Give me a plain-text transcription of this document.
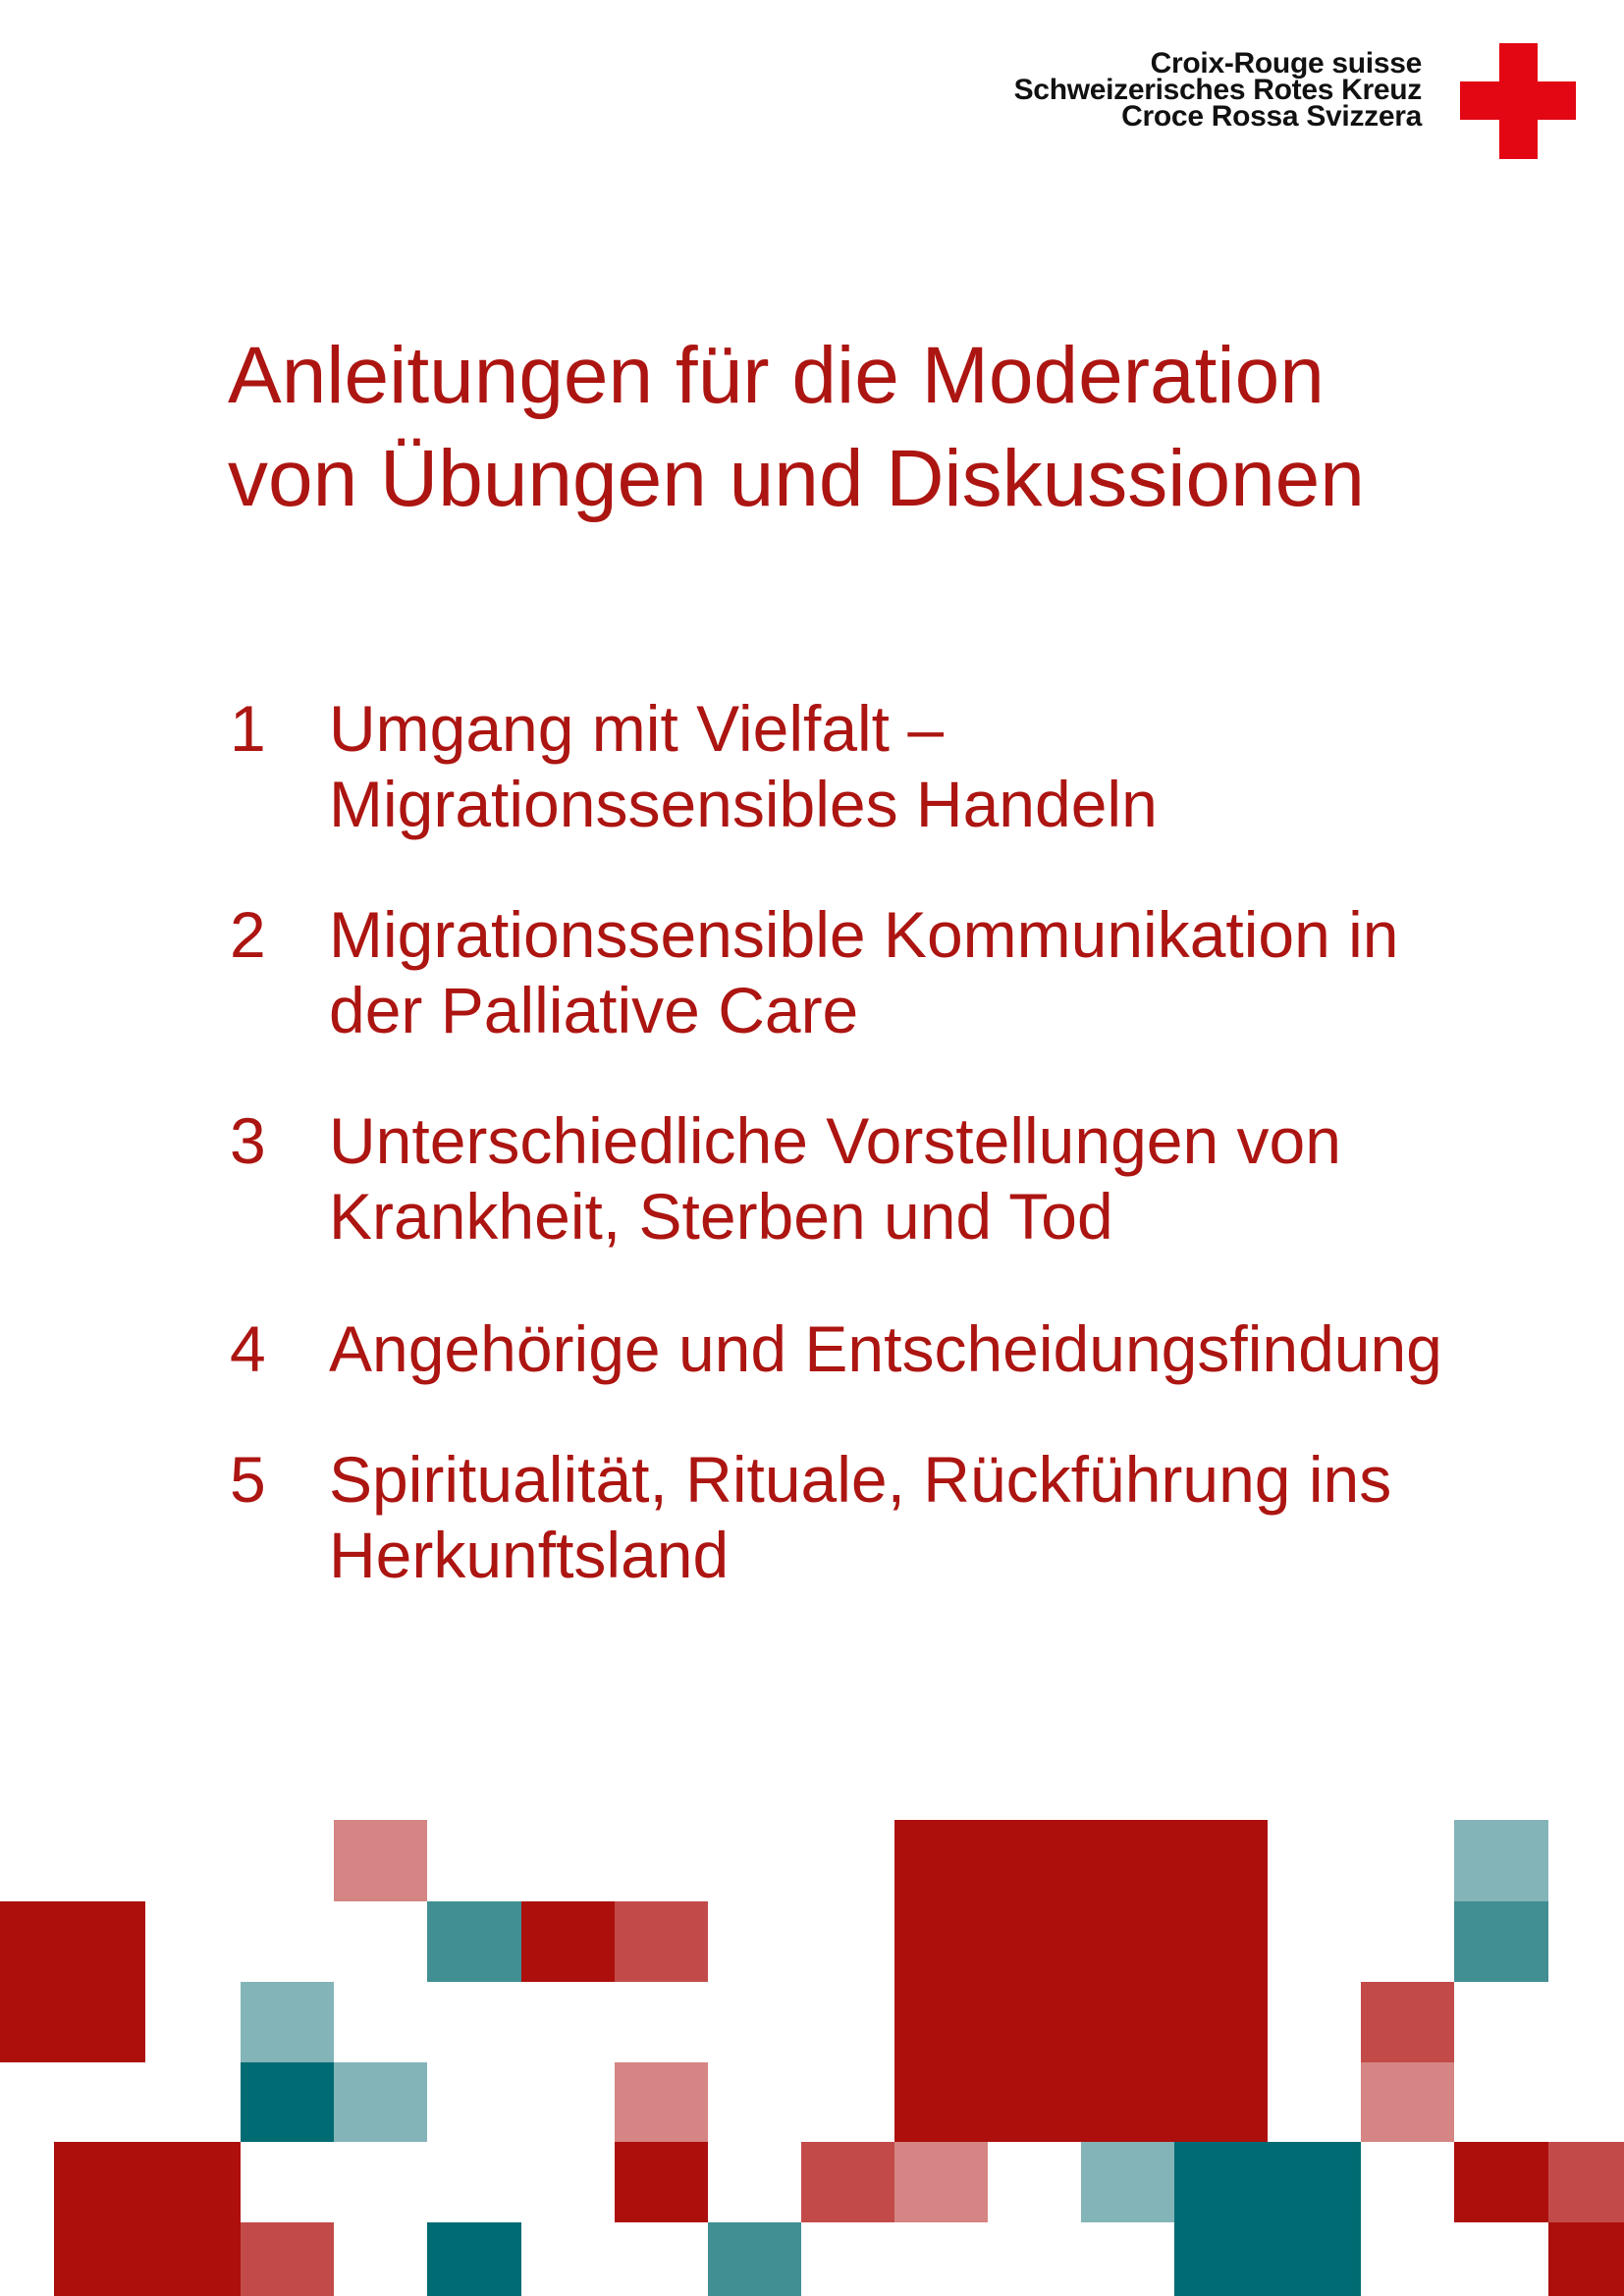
Croix-Rouge suisse
Schweizerisches Rotes Kreuz
Croce Rossa Svizzera
Anleitungen für die Moderation
von Übungen und Diskussionen
1 Umgang mit Vielfalt –
Migrationssensibles Handeln
2 Migrationssensible Kommunikation in
der Palliative Care
3 Unterschiedliche Vorstellungen von
Krankheit, Sterben und Tod
4 Angehörige und Entscheidungsfindung
5 Spiritualität, Rituale, Rückführung ins
Herkunftsland
